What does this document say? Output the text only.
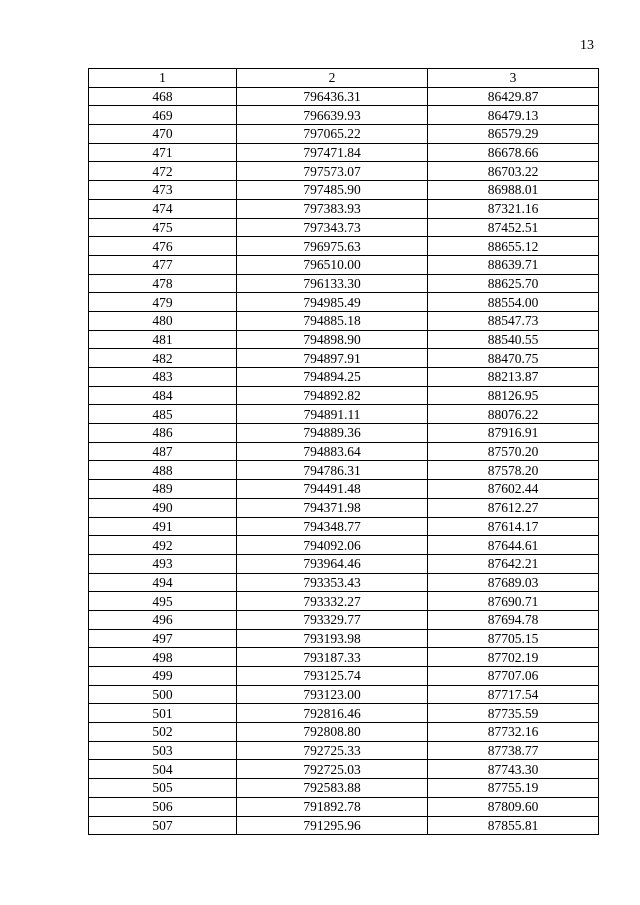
13
1	2	3
468	796436.31	86429.87
469	796639.93	86479.13
470	797065.22	86579.29
471	797471.84	86678.66
472	797573.07	86703.22
473	797485.90	86988.01
474	797383.93	87321.16
475	797343.73	87452.51
476	796975.63	88655.12
477	796510.00	88639.71
478	796133.30	88625.70
479	794985.49	88554.00
480	794885.18	88547.73
481	794898.90	88540.55
482	794897.91	88470.75
483	794894.25	88213.87
484	794892.82	88126.95
485	794891.11	88076.22
486	794889.36	87916.91
487	794883.64	87570.20
488	794786.31	87578.20
489	794491.48	87602.44
490	794371.98	87612.27
491	794348.77	87614.17
492	794092.06	87644.61
493	793964.46	87642.21
494	793353.43	87689.03
495	793332.27	87690.71
496	793329.77	87694.78
497	793193.98	87705.15
498	793187.33	87702.19
499	793125.74	87707.06
500	793123.00	87717.54
501	792816.46	87735.59
502	792808.80	87732.16
503	792725.33	87738.77
504	792725.03	87743.30
505	792583.88	87755.19
506	791892.78	87809.60
507	791295.96	87855.81
